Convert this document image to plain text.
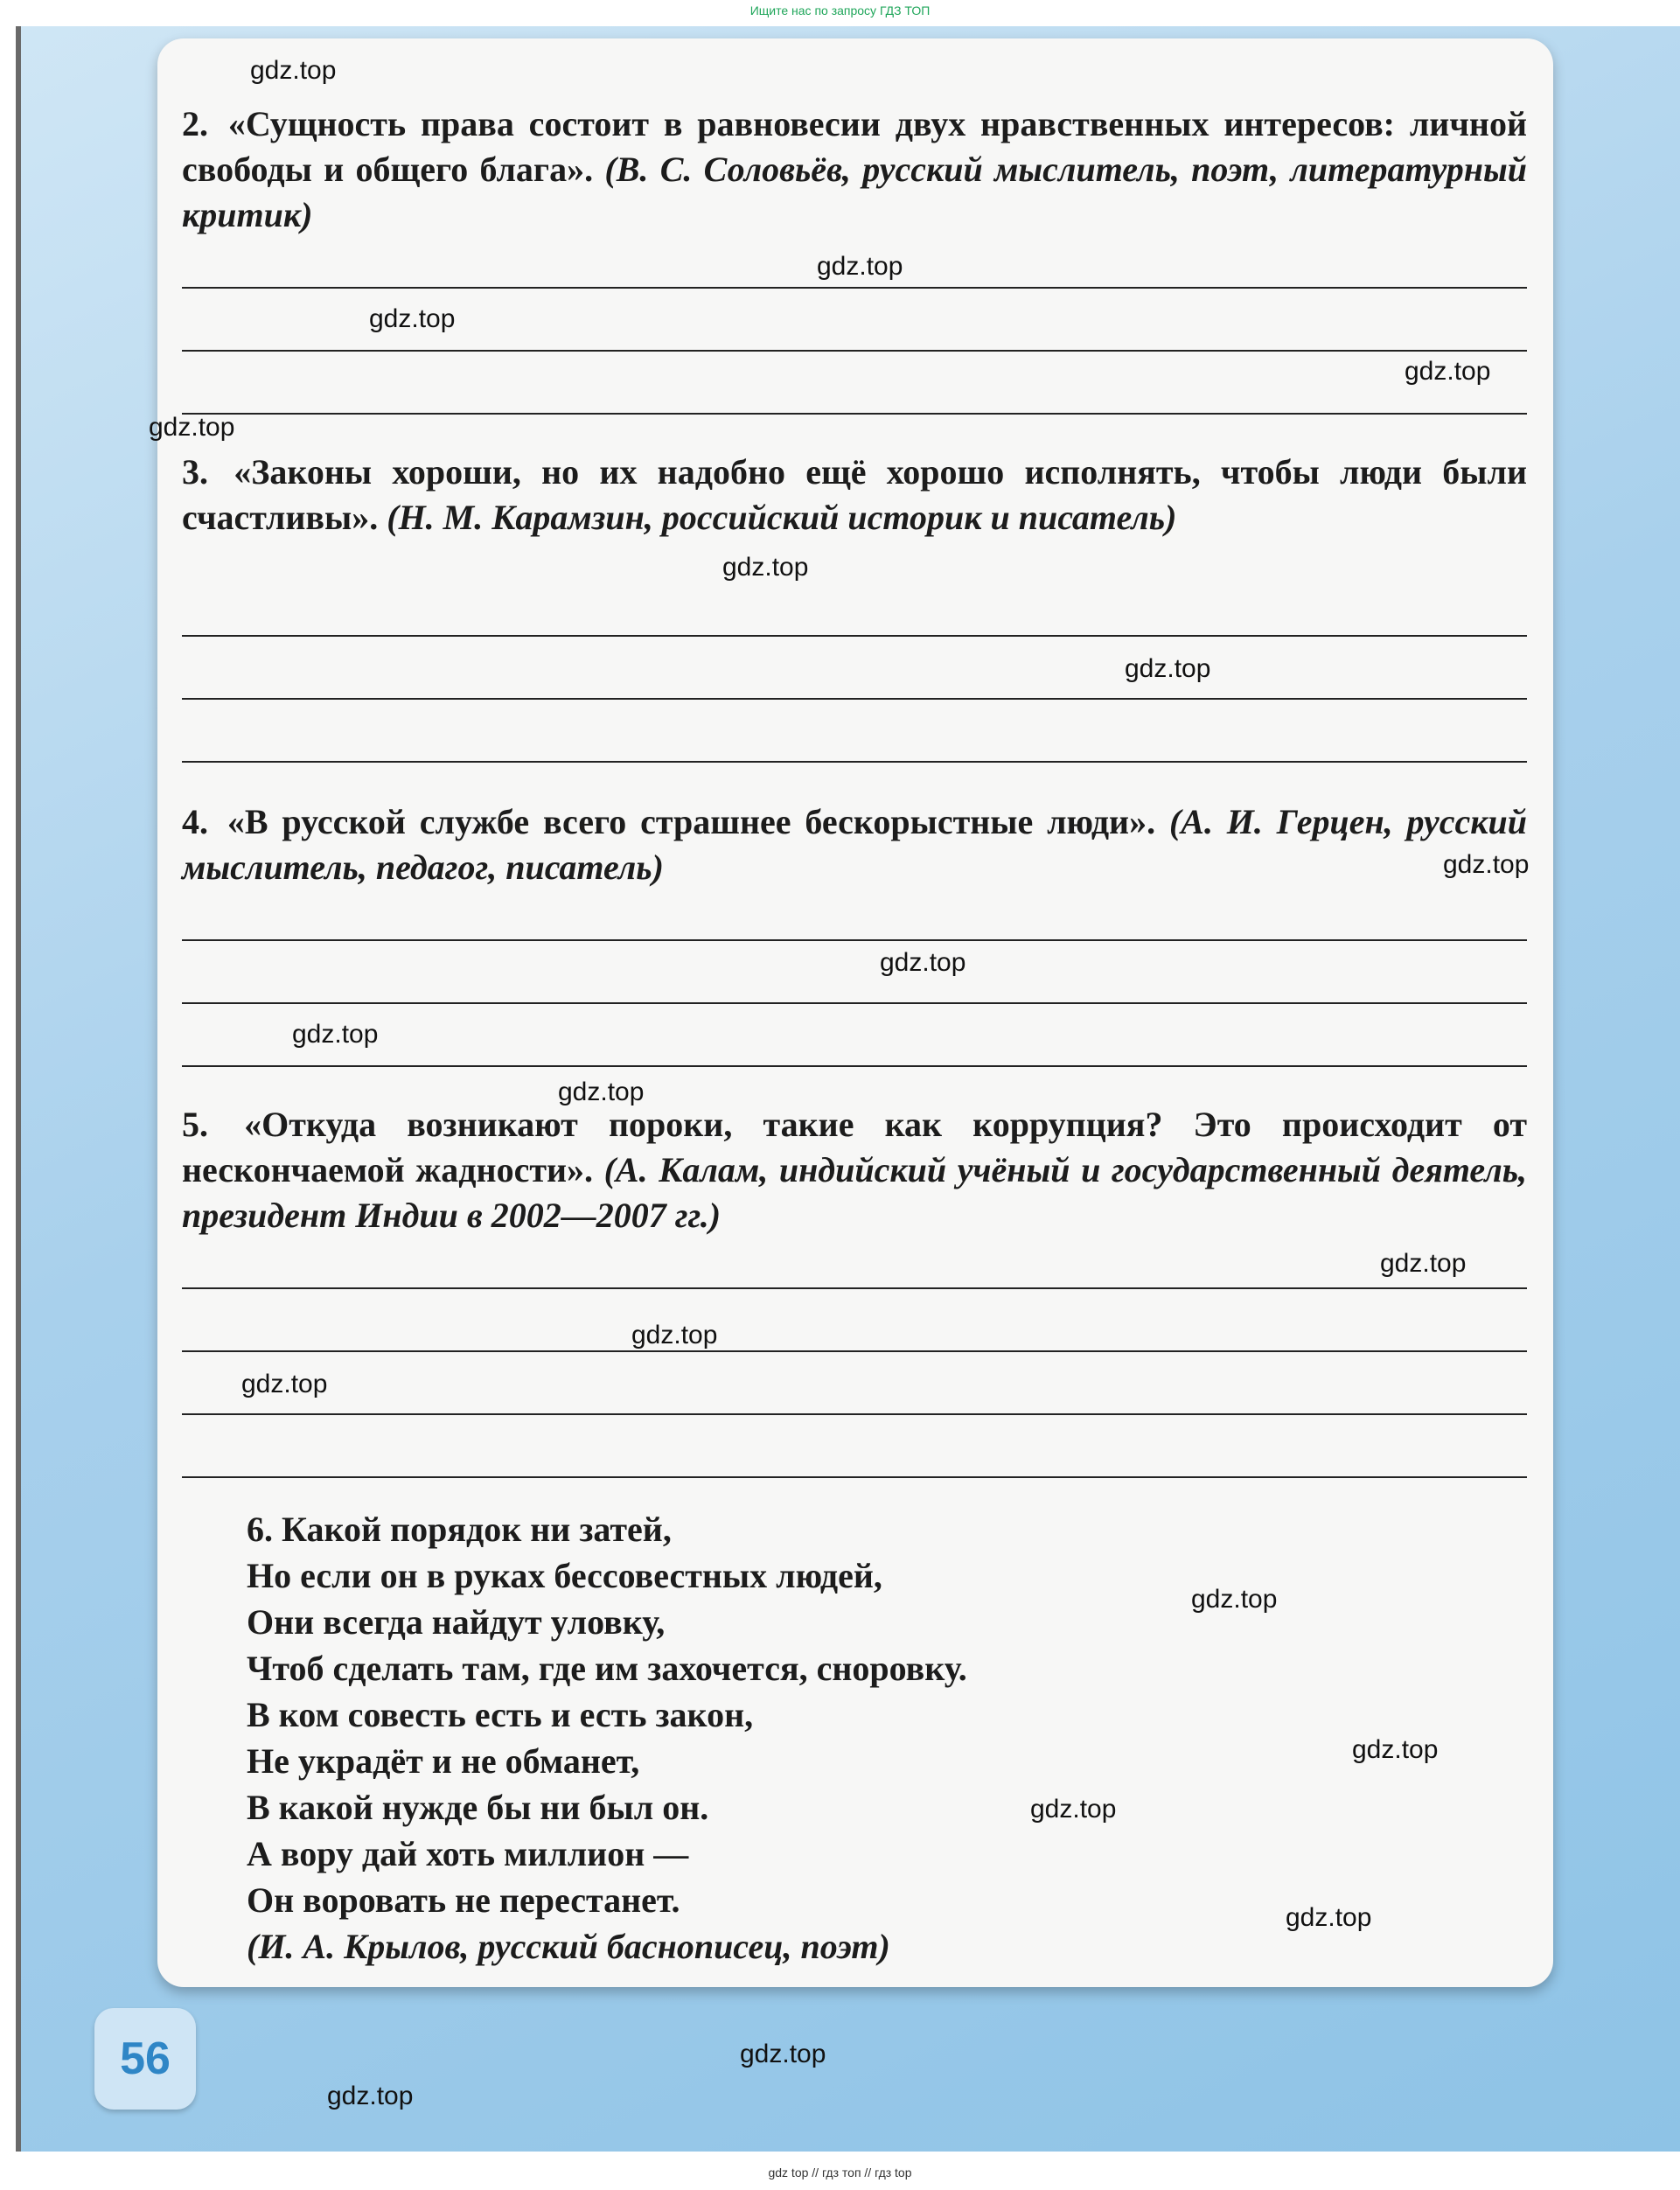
Ищите нас по запросу ГДЗ ТОП
2. «Сущность права состоит в равновесии двух нравственных интересов: личной свободы и общего блага». (В. С. Соловьёв, русский мыслитель, поэт, литературный критик)
3. «Законы хороши, но их надобно ещё хорошо исполнять, чтобы люди были счастливы». (Н. М. Карамзин, российский историк и писатель)
4. «В русской службе всего страшнее бескорыстные люди». (А. И. Герцен, русский мыслитель, педагог, писатель)
5. «Откуда возникают пороки, такие как коррупция? Это происходит от нескончаемой жадности». (А. Калам, индийский учёный и государственный деятель, президент Индии в 2002—2007 гг.)
6. Какой порядок ни затей,
Но если он в руках бессовестных людей,
Они всегда найдут уловку,
Чтоб сделать там, где им захочется, сноровку.
В ком совесть есть и есть закон,
Не украдёт и не обманет,
В какой нужде бы ни был он.
А вору дай хоть миллион —
Он воровать не перестанет.
(И. А. Крылов, русский баснописец, поэт)
56
gdz.top
gdz.top
gdz.top
gdz.top
gdz.top
gdz.top
gdz.top
gdz.top
gdz.top
gdz.top
gdz.top
gdz.top
gdz.top
gdz.top
gdz.top
gdz.top
gdz.top
gdz.top
gdz.top
gdz.top
gdz top // гдз топ // гдз top
